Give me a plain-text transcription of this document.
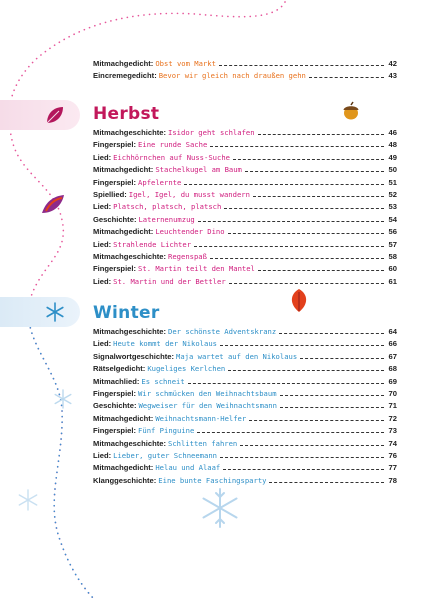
Mitmachgedicht: Obst vom Markt	42
Eincremegedicht: Bevor wir gleich nach draußen gehn	43
Herbst
Mitmachgeschichte: Isidor geht schlafen	46
Fingerspiel: Eine runde Sache	48
Lied: Eichhörnchen auf Nuss-Suche	49
Mitmachgedicht: Stachelkugel am Baum	50
Fingerspiel: Apfelernte	51
Spiellied: Igel, Igel, du musst wandern	52
Lied: Platsch, platsch, platsch	53
Geschichte: Laternenumzug	54
Mitmachgedicht: Leuchtender Dino	56
Lied: Strahlende Lichter	57
Mitmachgeschichte: Regenspaß	58
Fingerspiel: St. Martin teilt den Mantel	60
Lied: St. Martin und der Bettler	61
Winter
Mitmachgeschichte: Der schönste Adventskranz	64
Lied: Heute kommt der Nikolaus	66
Signalwortgeschichte: Maja wartet auf den Nikolaus	67
Rätselgedicht: Kugeliges Kerlchen	68
Mitmachlied: Es schneit	69
Fingerspiel: Wir schmücken den Weihnachtsbaum	70
Geschichte: Wegweiser für den Weihnachtsmann	71
Mitmachgedicht: Weihnachtsmann-Helfer	72
Fingerspiel: Fünf Pinguine	73
Mitmachgeschichte: Schlitten fahren	74
Lied: Lieber, guter Schneemann	76
Mitmachgedicht: Helau und Alaaf	77
Klanggeschichte: Eine bunte Faschingsparty	78
